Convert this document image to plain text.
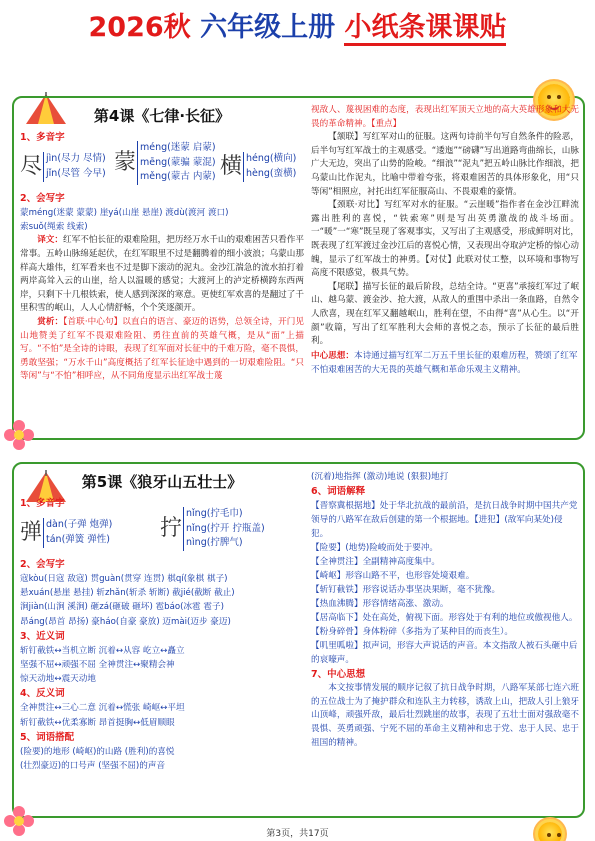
2026秋 六年级上册 小纸条课课贴
第4课《七律·长征》
1、多音字
尽 jìn(尽力 尽情)
jǐn(尽管 今早) 蒙
méng(迷蒙 启蒙)
mēng(蒙骗 蒙混)
měng(蒙古 内蒙) 横 héng(横向)
hèng(蛮横)
2、会写字
蒙méng(迷蒙 蒙蒙) 崖yá(山崖 悬崖) 渡dù(渡河 渡口)
索suǒ(绳索 线索)
译文：红军不怕长征的艰难险阻，把历经万水千山的艰难困苦只看作平常事。五岭山脉绵延起伏，在红军眼里不过是翻腾着的细小波浪；乌蒙山那样高大雄伟，红军看来也不过是脚下滚动的泥丸。金沙江湍急的流水拍打着两岸高耸入云的山崖，给人以温暖的感觉；大渡河上的泸定桥横跨东西两岸，只剩下十几根铁索，使人感到深深的寒意。更使红军欢喜的是翻过了千里积雪的岷山，人人心情舒畅，个个笑逐颜开。
赏析：【首联·中心句】以直白的语言、豪迈的语势，总领全诗，开门见山地赞美了红军不畏艰难险阻、勇往直前的英雄气概，是从“面”上描写。“不怕”是全诗的诗眼，表现了红军面对长征中的千难万险，毫不畏惧，勇敢坚强；“万水千山”高度概括了红军长征途中遇到的一切艰难险阻。“只等闲”与“不怕”相呼应，从不同角度显示出红军战士蔑
视敌人、蔑视困难的态度，表现出红军顶天立地的高大英雄形象和大无畏的革命精神。【重点】
【颔联】写红军对山的征服。这两句诗前半句写自然条件的险恶，后半句写红军战士的主观感受。“逶迤”“磅礴”写出道路弯曲绵长，山脉广大无边，突出了山势的险峻。“细浪”“泥丸”把五岭山脉比作细浪，把乌蒙山比作泥丸，比喻中带着夸张，将艰难困苦的具体形象化，用“只等闲”相照应，衬托出红军征服高山、不畏艰难的豪情。
【颈联·对比】写红军对水的征服。“云崖暖”指作者在金沙江畔流露出胜利的喜悦，“铁索寒”则是写出英勇激战的战斗场面。一“暖”一“寒”既呈现了客观事实，又写出了主观感受，形成鲜明对比，既表现了红军渡过金沙江后的喜悦心情，又表现出夺取泸定桥的惊心动魄，显示了红军战士的神勇。【对仗】此联对仗工整，以环境和事物写高度不限感觉，极具气势。
【尾联】描写长征的最后阶段，总结全诗。“更喜”承接红军过了岷山、越乌蒙、渡金沙、抢大渡，从敌人的重围中杀出一条血路，自然令人欣喜，现在红军又翻越岷山，胜利在望，不由得“喜”从心生。以“开颜”收篇，写出了红军胜利大会师的喜悦之态，预示了长征的最后胜利。
中心思想：本诗通过描写红军二万五千里长征的艰难历程，赞颂了红军不怕艰难困苦的大无畏的英雄气概和革命乐观主义精神。
第5课《狼牙山五壮士》
1、多音字
弹 dàn(子弹 炮弹)
tán(弹簧 弹性) 拧
nǐng(拧毛巾)
nǐng(拧开 拧瓶盖)
nìng(拧脾气)
2、会写字
寇kòu(日寇 敌寇) 贯guàn(贯穿 连贯) 棋qí(象棋 棋子)
悬xuán(悬崖 悬挂) 斩zhǎn(斩杀 斩断) 截jié(截断 截止)
涧jiàn(山涧 溪涧) 砸zá(砸破 砸坏) 雹báo(冰雹 雹子)
昂áng(昂首 昂扬) 豪háo(自豪 豪放) 迈mài(迈步 豪迈)
3、近义词
斩钉截铁↔当机立断 沉着↔从容 屹立↔矗立
坚强不屈↔顽强不屈 全神贯注↔聚精会神
惊天动地↔震天动地
4、反义词
全神贯注↔三心二意 沉着↔慌张 崎岖↔平坦
斩钉截铁↔优柔寡断 昂首挺胸↔低眉顺眼
5、词语搭配
(险要)的地形 (崎岖)的山路 (胜利)的喜悦
(壮烈豪迈)的口号声 (坚强不屈)的声音
(沉着)地指挥 (激动)地说 (狠狠)地打
6、词语解释
【晋察冀根据地】处于华北抗战的最前沿，是抗日战争时期中国共产党领导的八路军在敌后创建的第一个根据地。【进犯】(敌军向某处)侵犯。
【险要】(地势)险峻而处于要冲。
【全神贯注】全副精神高度集中。
【崎岖】形容山路不平，也形容处境艰难。
【斩钉截铁】形容说话办事坚决果断，毫不犹豫。
【热血沸腾】形容情绪高涨、激动。
【居高临下】处在高处，俯视下面。形容处于有利的地位或傲视他人。
【粉身碎骨】身体粉碎（多指为了某种目的而丧生）。
【叽里呱啦】拟声词，形容大声说话的声音。本文指敌人被石头砸中后的哀嚎声。
7、中心思想
本文按事情发展的顺序记叙了抗日战争时期，八路军某部七连六班的五位战士为了掩护群众和连队主力转移，诱敌上山，把敌人引上狼牙山顶峰，顽强歼敌，最后壮烈跳崖的故事，表现了五壮士面对强敌毫不畏惧、英勇顽强、宁死不屈的革命主义精神和忠于党、忠于人民、忠于祖国的精神。
第3页，共17页
